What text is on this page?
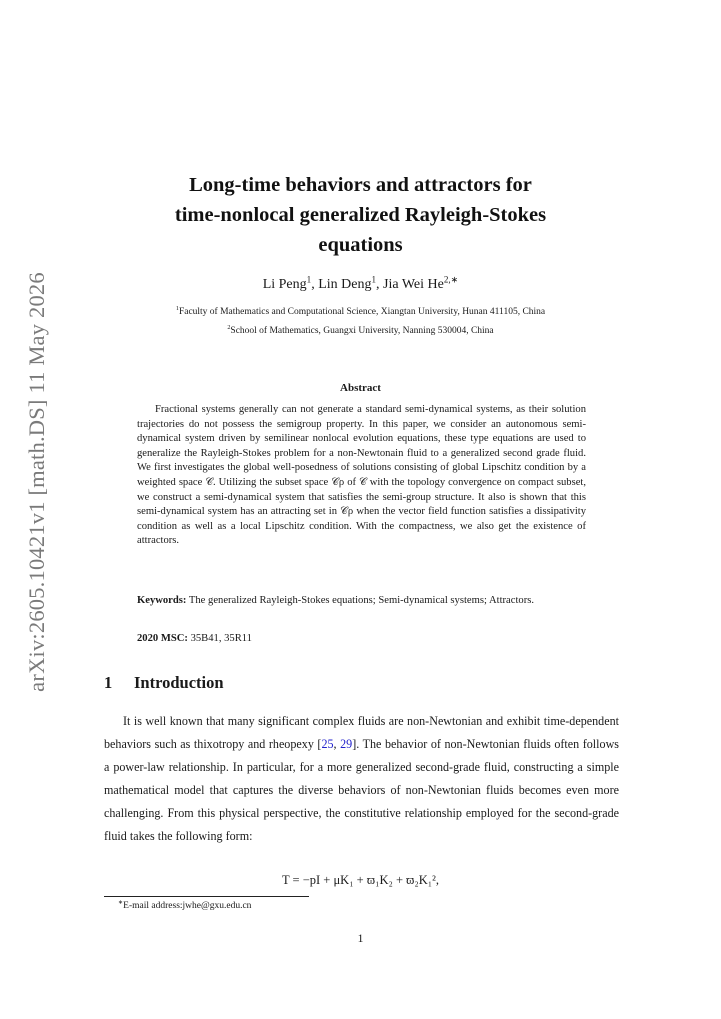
arXiv:2605.10421v1 [math.DS] 11 May 2026
Long-time behaviors and attractors for
time-nonlocal generalized Rayleigh-Stokes
equations
Li Peng$^1$, Lin Deng$^1$, Jia Wei $He^{2,∗}$
$^1$Faculty of Mathematics and Computational Science, Xiangtan University, Hunan 411105, China
$^2$School of Mathematics, Guangxi University, Nanning 530004, China
Abstract
Fractional systems generally can not generate a standard semi-dynamical systems, as their solution trajectories do not possess the semigroup property. In this paper, we consider an autonomous semi-dynamical system driven by semilinear nonlocal evolution equations, these type equations are used to generalize the Rayleigh-Stokes problem for a non-Newtonain fluid to a generalized second grade fluid. We first investigates the global well-posedness of solutions consisting of global Lipschitz condition by a weighted space 𝒞. Utilizing the subset space 𝒞ρ of 𝒞 with the topology convergence on compact subset, we construct a semi-dynamical system that satisfies the semi-group structure. It also is shown that this semi-dynamical system has an attracting set in 𝒞ρ when the vector field function satisfies a dissipativity condition as well as a local Lipschitz condition. With the compactness, we also get the existence of attractors.
Keywords: The generalized Rayleigh-Stokes equations; Semi-dynamical systems; Attractors.
2020 MSC: 35B41, 35R11
1 Introduction
It is well known that many significant complex fluids are non-Newtonian and exhibit time-dependent behaviors such as thixotropy and rheopexy [25, 29]. The behavior of non-Newtonian fluids often follows a power-law relationship. In particular, for a more generalized second-grade fluid, constructing a simple mathematical model that captures the diverse behaviors of non-Newtonian fluids becomes even more challenging. From this physical perspective, the constitutive relationship employed for the second-grade fluid takes the following form:
T = −pI + μK₁ + ϖ₁K₂ + ϖ₂K₁²,
∗E-mail address:jwhe@gxu.edu.cn
1
